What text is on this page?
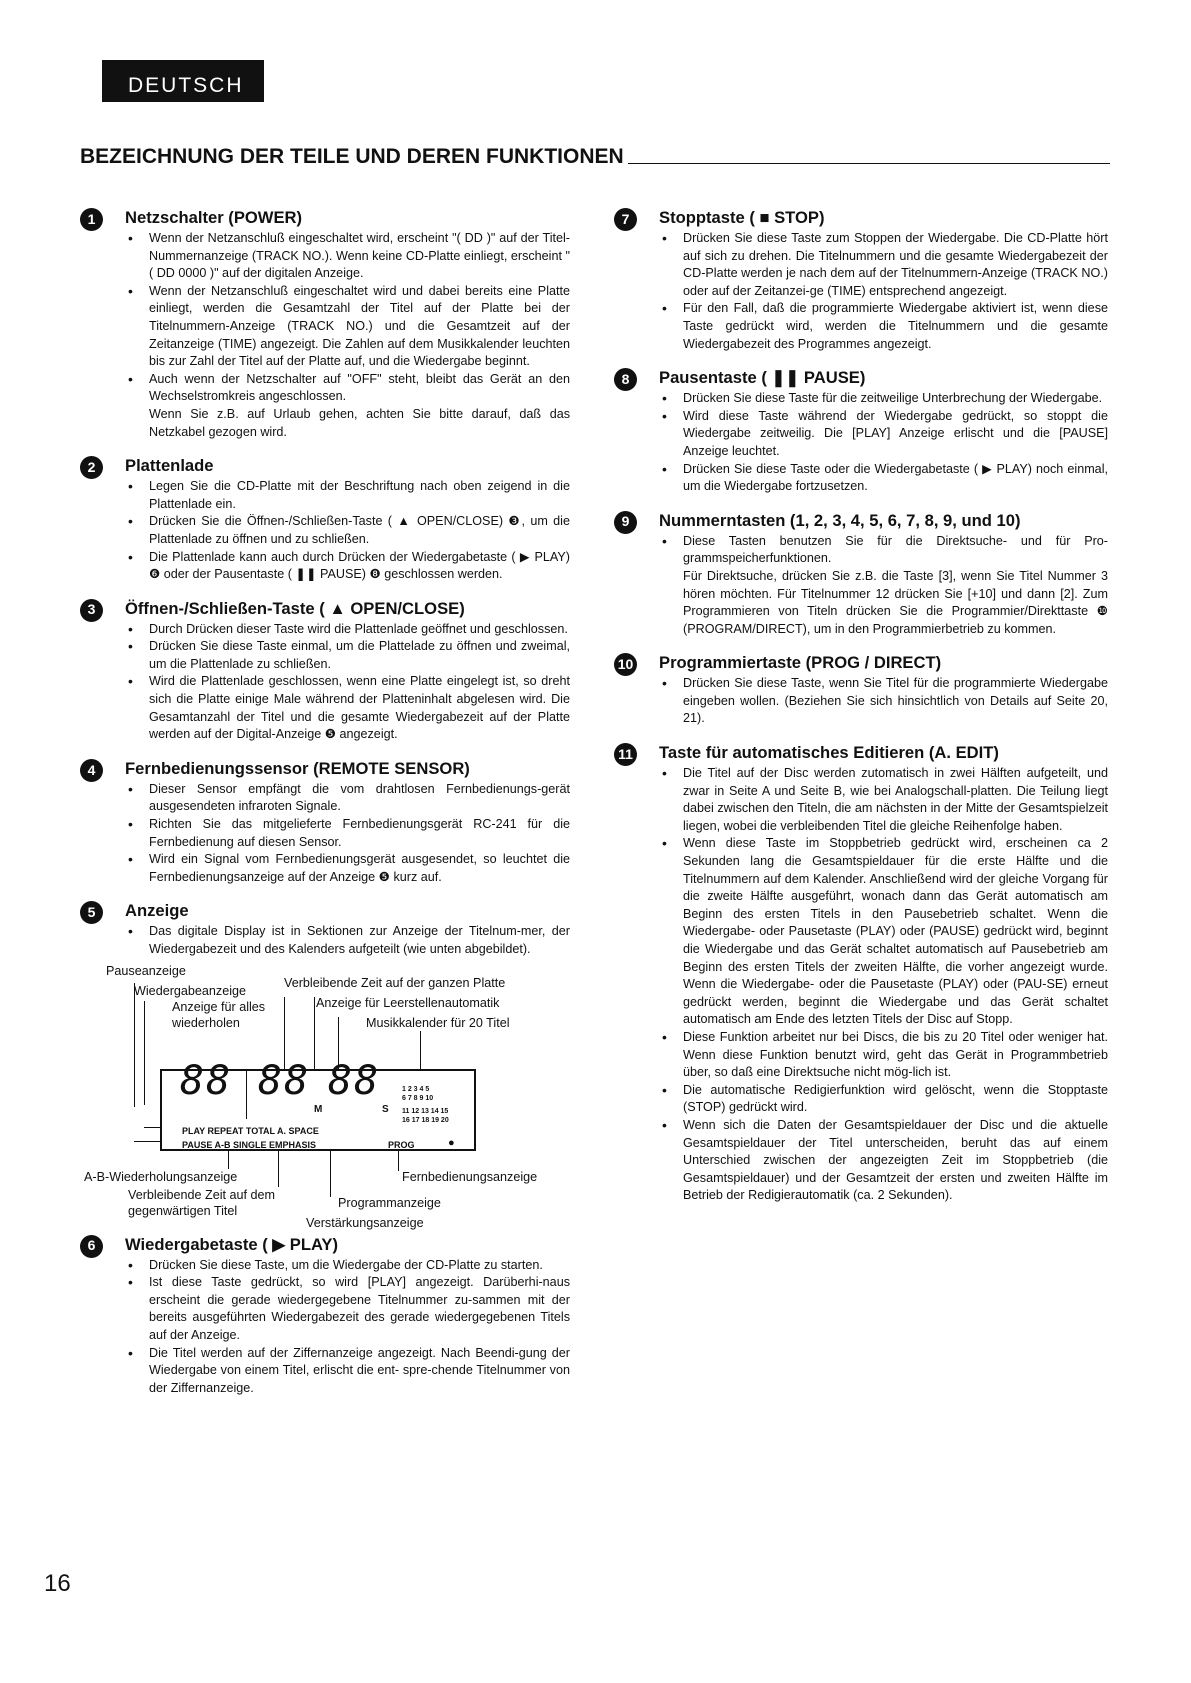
DEUTSCH
BEZEICHNUNG DER TEILE UND DEREN FUNKTIONEN
1	Netzschalter (POWER)
• Wenn der Netzanschluß eingeschaltet wird, erscheint "( DD )" auf der Titel-Nummernanzeige (TRACK NO.). Wenn keine CD-Platte einliegt, erscheint "( DD 0000 )" auf der digitalen Anzeige.
• Wenn der Netzanschluß eingeschaltet wird und dabei bereits eine Platte einliegt, werden die Gesamtzahl der Titel auf der Platte bei der Titelnummern-Anzeige (TRACK NO.) und die Gesamtzeit auf der Zeitanzeige (TIME) angezeigt. Die Zahlen auf dem Musikkalender leuchten bis zur Zahl der Titel auf der Platte auf, und die Wiedergabe beginnt.
• Auch wenn der Netzschalter auf "OFF" steht, bleibt das Gerät an den Wechselstromkreis angeschlossen.
Wenn Sie z.B. auf Urlaub gehen, achten Sie bitte darauf, daß das Netzkabel gezogen wird.
2	Plattenlade
• Legen Sie die CD-Platte mit der Beschriftung nach oben zeigend in die Plattenlade ein.
• Drücken Sie die Öffnen-/Schließen-Taste ( ▲ OPEN/CLOSE) ❸, um die Plattenlade zu öffnen und zu schließen.
• Die Plattenlade kann auch durch Drücken der Wiedergabetaste ( ▶ PLAY) ❻ oder der Pausentaste ( ❚❚ PAUSE) ❽ geschlossen werden.
3	Öffnen-/Schließen-Taste ( ▲ OPEN/CLOSE)
• Durch Drücken dieser Taste wird die Plattenlade geöffnet und geschlossen.
• Drücken Sie diese Taste einmal, um die Plattelade zu öffnen und zweimal, um die Plattenlade zu schließen.
• Wird die Plattenlade geschlossen, wenn eine Platte eingelegt ist, so dreht sich die Platte einige Male während der Platteninhalt abgelesen wird. Die Gesamtanzahl der Titel und die gesamte Wiedergabezeit auf der Platte werden auf der Digital-Anzeige ❺ angezeigt.
4	Fernbedienungssensor (REMOTE SENSOR)
• Dieser Sensor empfängt die vom drahtlosen Fernbedienungs-gerät ausgesendeten infraroten Signale.
• Richten Sie das mitgelieferte Fernbedienungsgerät RC-241 für die Fernbedienung auf diesen Sensor.
• Wird ein Signal vom Fernbedienungsgerät ausgesendet, so leuchtet die Fernbedienungsanzeige auf der Anzeige ❺ kurz auf.
5	Anzeige
• Das digitale Display ist in Sektionen zur Anzeige der Titelnum-mer, der Wiedergabezeit und des Kalenders aufgeteilt (wie unten abgebildet).
Pauseanzeige
Wiedergabeanzeige
Anzeige für alles wiederholen
Verbleibende Zeit auf der ganzen Platte
Anzeige für Leerstellenautomatik
Musikkalender für 20 Titel
88 88
M
88
S
1 2 3 4 5
6 7 8 9 10
11 12 13 14 15
16 17 18 19 20
PLAY REPEAT TOTAL A. SPACE
PAUSE A-B SINGLE EMPHASIS	PROG	●
A-B-Wiederholungsanzeige
Verbleibende Zeit auf dem gegenwärtigen Titel
Programmanzeige
Verstärkungsanzeige
Fernbedienungsanzeige
6	Wiedergabetaste ( ▶ PLAY)
• Drücken Sie diese Taste, um die Wiedergabe der CD-Platte zu starten.
• Ist diese Taste gedrückt, so wird [PLAY] angezeigt. Darüberhi-naus erscheint die gerade wiedergegebene Titelnummer zu-sammen mit der bereits ausgeführten Wiedergabezeit des gerade wiedergegebenen Titels auf der Anzeige.
• Die Titel werden auf der Ziffernanzeige angezeigt. Nach Beendi-gung der Wiedergabe von einem Titel, erlischt die ent- spre-chende Titelnummer von der Ziffernanzeige.
7	Stopptaste ( ■ STOP)
• Drücken Sie diese Taste zum Stoppen der Wiedergabe. Die CD-Platte hört auf sich zu drehen. Die Titelnummern und die gesamte Wiedergabezeit der CD-Platte werden je nach dem auf der Titelnummern-Anzeige (TRACK NO.) oder auf der Zeitanzei-ge (TIME) entsprechend angezeigt.
• Für den Fall, daß die programmierte Wiedergabe aktiviert ist, wenn diese Taste gedrückt wird, werden die Titelnummern und die gesamte Wiedergabezeit des Programmes angezeigt.
8	Pausentaste ( ❚❚ PAUSE)
• Drücken Sie diese Taste für die zeitweilige Unterbrechung der Wiedergabe.
• Wird diese Taste während der Wiedergabe gedrückt, so stoppt die Wiedergabe zeitweilig. Die [PLAY] Anzeige erlischt und die [PAUSE] Anzeige leuchtet.
• Drücken Sie diese Taste oder die Wiedergabetaste ( ▶ PLAY) noch einmal, um die Wiedergabe fortzusetzen.
9	Nummerntasten (1, 2, 3, 4, 5, 6, 7, 8, 9, und 10)
• Diese Tasten benutzen Sie für die Direktsuche- und für Pro-grammspeicherfunktionen.
Für Direktsuche, drücken Sie z.B. die Taste [3], wenn Sie Titel Nummer 3 hören möchten. Für Titelnummer 12 drücken Sie [+10] und dann [2]. Zum Programmieren von Titeln drücken Sie die Programmier/Direkttaste ❿ (PROGRAM/DIRECT), um in den Programmierbetrieb zu kommen.
10 Programmiertaste (PROG / DIRECT)
• Drücken Sie diese Taste, wenn Sie Titel für die programmierte Wiedergabe eingeben wollen. (Beziehen Sie sich hinsichtlich von Details auf Seite 20, 21).
11 Taste für automatisches Editieren (A. EDIT)
• Die Titel auf der Disc werden zutomatisch in zwei Hälften aufgeteilt, und zwar in Seite A und Seite B, wie bei Analogschall-platten. Die Teilung liegt dabei zwischen den Titeln, die am nächsten in der Mitte der Gesamtspielzeit liegen, wobei die verbleibenden Titel die gleiche Reihenfolge haben.
• Wenn diese Taste im Stoppbetrieb gedrückt wird, erscheinen ca 2 Sekunden lang die Gesamtspieldauer für die erste Hälfte und die Titelnummern auf dem Kalender. Anschließend wird der gleiche Vorgang für die zweite Hälfte ausgeführt, wonach dann das Gerät automatisch am Beginn des ersten Titels in den Pausebetrieb schaltet. Wenn die Wiedergabe- oder Pausetaste (PLAY) oder (PAUSE) gedrückt wird, beginnt die Wiedergabe und das Gerät schaltet automatisch auf Pausebetrieb am Beginn des ersten Titels der zweiten Hälfte, die vorher angezeigt wurde. Wenn die Wiedergabe- oder die Pausetaste (PLAY) oder (PAU-SE) erneut gedrückt werden, beginnt die Wiedergabe und das Gerät schaltet automatisch am Ende des letzten Titels der Disc auf Stopp.
• Diese Funktion arbeitet nur bei Discs, die bis zu 20 Titel oder weniger hat. Wenn diese Funktion benutzt wird, geht das Gerät in Programmbetrieb über, so daß eine Direktsuche nicht mög-lich ist.
• Die automatische Redigierfunktion wird gelöscht, wenn die Stopptaste (STOP) gedrückt wird.
• Wenn sich die Daten der Gesamtspieldauer der Disc und die aktuelle Gesamtspieldauer der Titel unterscheiden, beruht das auf einem Unterschied zwischen der angezeigten Zeit im Stoppbetrieb (die Gesamtspieldauer) und der Gesamtzeit der ersten und zweiten Hälfte im Betrieb der Redigierautomatik (ca. 2 Sekunden).
16
